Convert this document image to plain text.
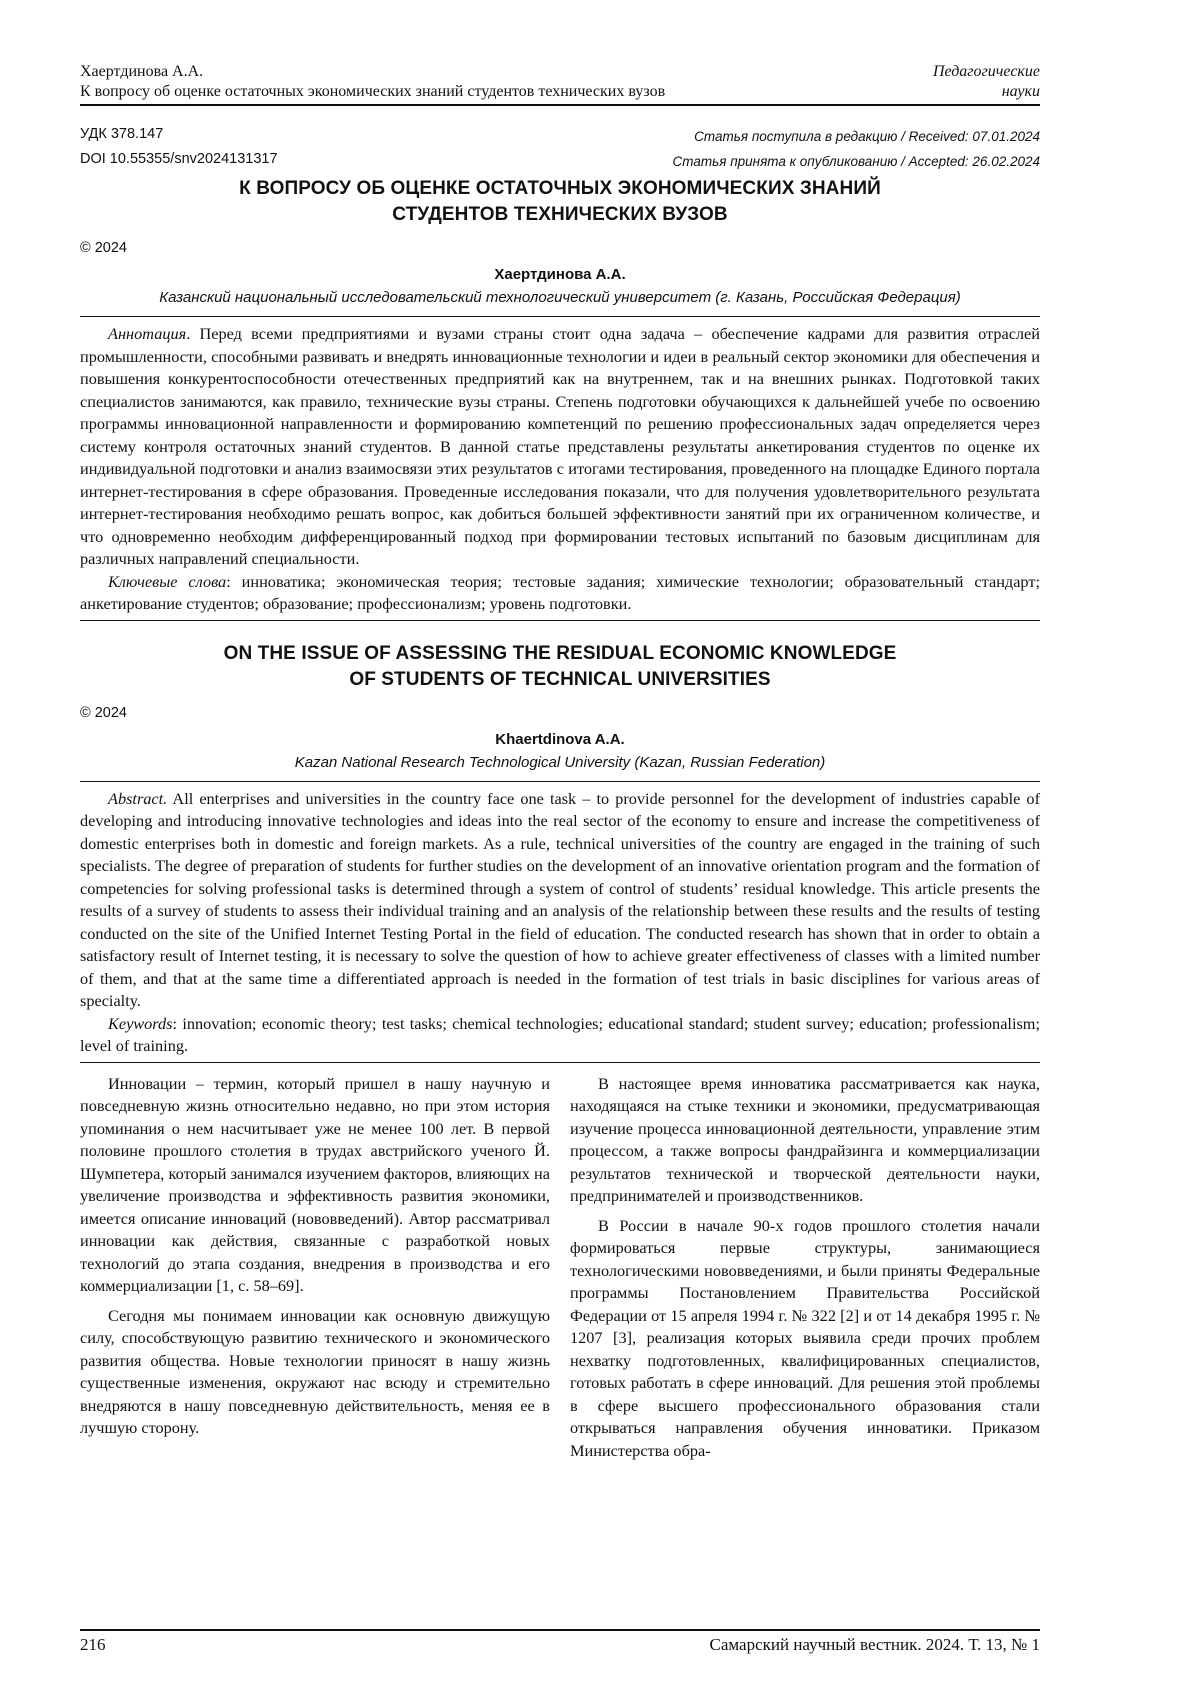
Хаертдинова А.А.
К вопросу об оценке остаточных экономических знаний студентов технических вузов
Педагогические
науки
УДК 378.147
DOI 10.55355/snv2024131317
Статья поступила в редакцию / Received: 07.01.2024
Статья принята к опубликованию / Accepted: 26.02.2024
К ВОПРОСУ ОБ ОЦЕНКЕ ОСТАТОЧНЫХ ЭКОНОМИЧЕСКИХ ЗНАНИЙ
СТУДЕНТОВ ТЕХНИЧЕСКИХ ВУЗОВ
© 2024
Хаертдинова А.А.
Казанский национальный исследовательский технологический университет (г. Казань, Российская Федерация)

Аннотация. Перед всеми предприятиями и вузами страны стоит одна задача – обеспечение кадрами для развития отраслей промышленности, способными развивать и внедрять инновационные технологии и идеи в реальный сектор экономики для обеспечения и повышения конкурентоспособности отечественных предприятий как на внутреннем, так и на внешних рынках. Подготовкой таких специалистов занимаются, как правило, технические вузы страны. Степень подготовки обучающихся к дальнейшей учебе по освоению программы инновационной направленности и формированию компетенций по решению профессиональных задач определяется через систему контроля остаточных знаний студентов. В данной статье представлены результаты анкетирования студентов по оценке их индивидуальной подготовки и анализ взаимосвязи этих результатов с итогами тестирования, проведенного на площадке Единого портала интернет-тестирования в сфере образования. Проведенные исследования показали, что для получения удовлетворительного результата интернет-тестирования необходимо решать вопрос, как добиться большей эффективности занятий при их ограниченном количестве, и что одновременно необходим дифференцированный подход при формировании тестовых испытаний по базовым дисциплинам для различных направлений специальности.

Ключевые слова: инноватика; экономическая теория; тестовые задания; химические технологии; образовательный стандарт; анкетирование студентов; образование; профессионализм; уровень подготовки.

ON THE ISSUE OF ASSESSING THE RESIDUAL ECONOMIC KNOWLEDGE
OF STUDENTS OF TECHNICAL UNIVERSITIES
© 2024
Khaertdinova A.A.
Kazan National Research Technological University (Kazan, Russian Federation)

Abstract. All enterprises and universities in the country face one task – to provide personnel for the development of industries capable of developing and introducing innovative technologies and ideas into the real sector of the economy to ensure and increase the competitiveness of domestic enterprises both in domestic and foreign markets. As a rule, technical universities of the country are engaged in the training of such specialists. The degree of preparation of students for further studies on the development of an innovative orientation program and the formation of competencies for solving professional tasks is determined through a system of control of students’ residual knowledge. This article presents the results of a survey of students to assess their individual training and an analysis of the relationship between these results and the results of testing conducted on the site of the Unified Internet Testing Portal in the field of education. The conducted research has shown that in order to obtain a satisfactory result of Internet testing, it is necessary to solve the question of how to achieve greater effectiveness of classes with a limited number of them, and that at the same time a differentiated approach is needed in the formation of test trials in basic disciplines for various areas of specialty.

Keywords: innovation; economic theory; test tasks; chemical technologies; educational standard; student survey; education; professionalism; level of training.

Инновации – термин, который пришел в нашу научную и повседневную жизнь относительно недавно, но при этом история упоминания о нем насчитывает уже не менее 100 лет. В первой половине прошлого столетия в трудах австрийского ученого Й. Шумпетера, который занимался изучением факторов, влияющих на увеличение производства и эффективность развития экономики, имеется описание инноваций (нововведений). Автор рассматривал инновации как действия, связанные с разработкой новых технологий до этапа создания, внедрения в производства и его коммерциализации [1, с. 58–69].

Сегодня мы понимаем инновации как основную движущую силу, способствующую развитию технического и экономического развития общества. Новые технологии приносят в нашу жизнь существенные изменения, окружают нас всюду и стремительно внедряются в нашу повседневную действительность, меняя ее в лучшую сторону.

В настоящее время инноватика рассматривается как наука, находящаяся на стыке техники и экономики, предусматривающая изучение процесса инновационной деятельности, управление этим процессом, а также вопросы фандрайзинга и коммерциализации результатов технической и творческой деятельности науки, предпринимателей и производственников.

В России в начале 90-х годов прошлого столетия начали формироваться первые структуры, занимающиеся технологическими нововведениями, и были приняты Федеральные программы Постановлением Правительства Российской Федерации от 15 апреля 1994 г. № 322 [2] и от 14 декабря 1995 г. № 1207 [3], реализация которых выявила среди прочих проблем нехватку подготовленных, квалифицированных специалистов, готовых работать в сфере инноваций. Для решения этой проблемы в сфере высшего профессионального образования стали открываться направления обучения инноватики. Приказом Министерства обра-

216	Самарский научный вестник. 2024. Т. 13, № 1
